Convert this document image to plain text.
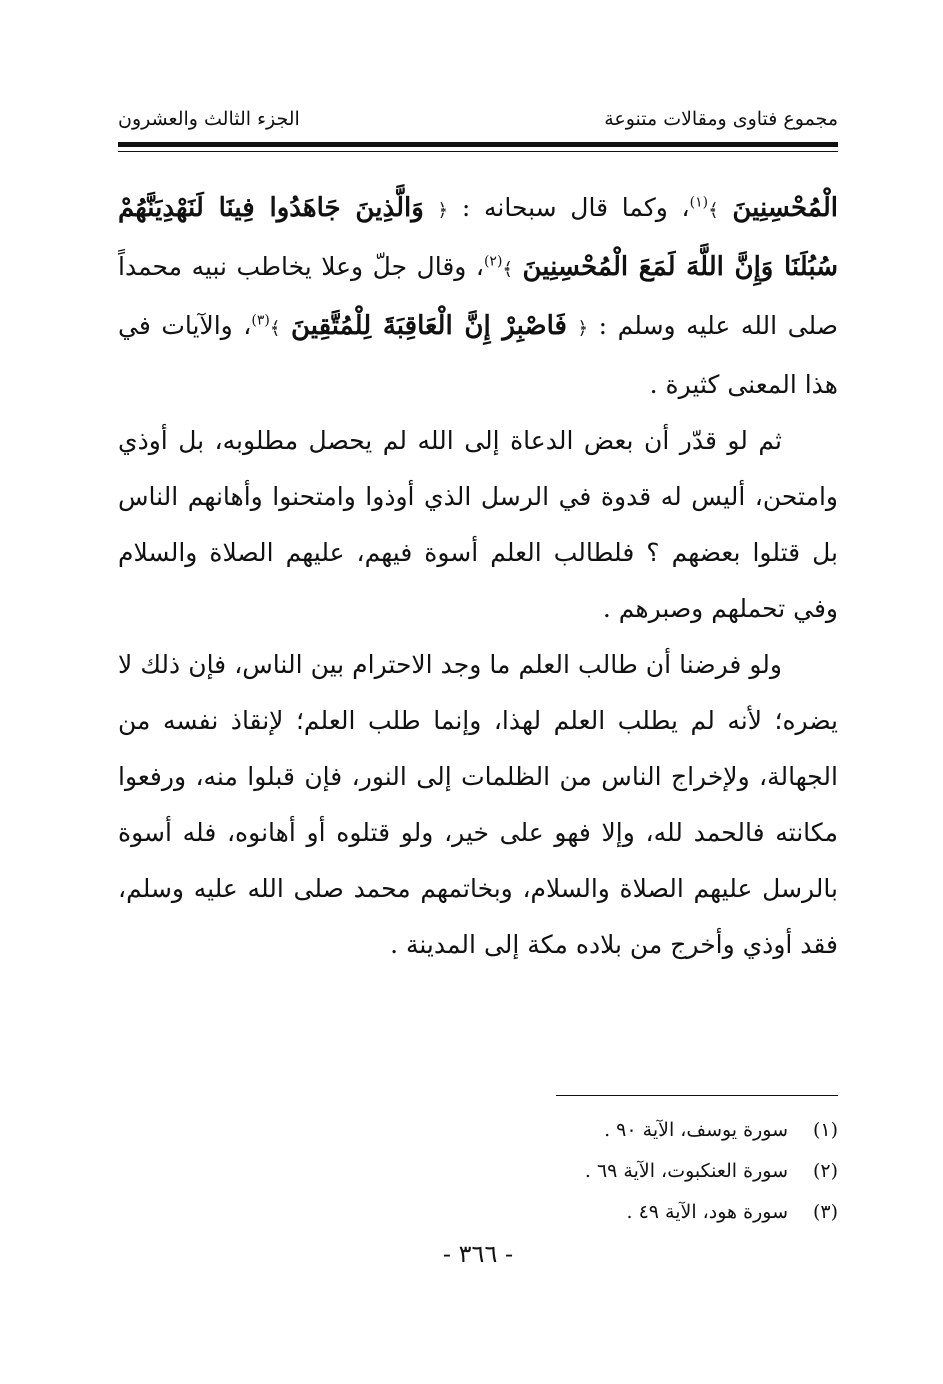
مجموع فتاوى ومقالات متنوعة
الجزء الثالث والعشرون

الْمُحْسِنِينَ ﴾$^{(١)}$، وكما قال سبحانه : ﴿ وَالَّذِينَ جَاهَدُوا فِينَا لَنَهْدِيَنَّهُمْ سُبُلَنَا وَإِنَّ اللَّهَ لَمَعَ الْمُحْسِنِينَ ﴾$^{(٢)}$، وقال جلّ وعلا يخاطب نبيه محمداً صلى الله عليه وسلم : ﴿ فَاصْبِرْ إِنَّ الْعَاقِبَةَ لِلْمُتَّقِينَ ﴾$^{(٣)}$، والآيات في هذا المعنى كثيرة .

ثم لو قدّر أن بعض الدعاة إلى الله لم يحصل مطلوبه، بل أوذي وامتحن، أليس له قدوة في الرسل الذي أوذوا وامتحنوا وأهانهم الناس بل قتلوا بعضهم ؟ فلطالب العلم أسوة فيهم، عليهم الصلاة والسلام وفي تحملهم وصبرهم .

ولو فرضنا أن طالب العلم ما وجد الاحترام بين الناس، فإن ذلك لا يضره؛ لأنه لم يطلب العلم لهذا، وإنما طلب العلم؛ لإنقاذ نفسه من الجهالة، ولإخراج الناس من الظلمات إلى النور، فإن قبلوا منه، ورفعوا مكانته فالحمد لله، وإلا فهو على خير، ولو قتلوه أو أهانوه، فله أسوة بالرسل عليهم الصلاة والسلام، وبخاتمهم محمد صلى الله عليه وسلم، فقد أوذي وأخرج من بلاده مكة إلى المدينة .

(١)
سورة يوسف، الآية ٩٠ .
(٢)
سورة العنكبوت، الآية ٦٩ .
(٣)
سورة هود، الآية ٤٩ .
- ٣٦٦ -
